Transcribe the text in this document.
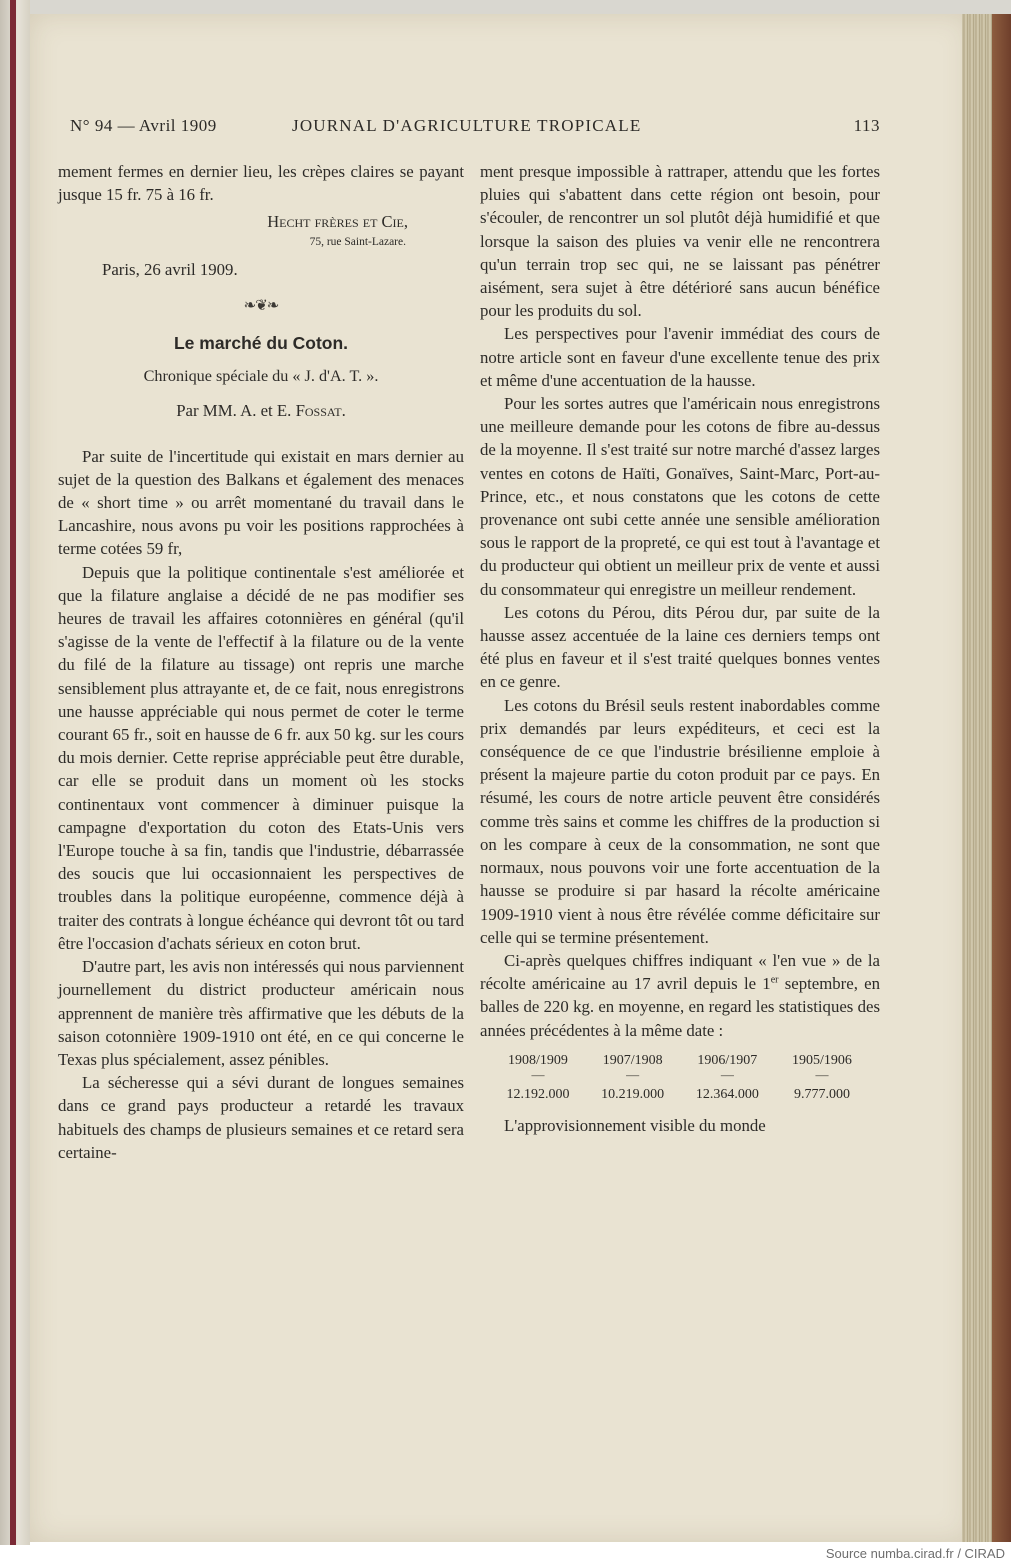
N° 94 — Avril 1909	JOURNAL D'AGRICULTURE TROPICALE	113

mement fermes en dernier lieu, les crèpes claires se payant jusque 15 fr. 75 à 16 fr.

Hecht frères et Cie,
75, rue Saint-Lazare.
Paris, 26 avril 1909.
❧❦❧
Le marché du Coton.
Chronique spéciale du « J. d'A. T. ».
Par MM. A. et E. Fossat.

Par suite de l'incertitude qui existait en mars dernier au sujet de la question des Balkans et également des menaces de « short time » ou arrêt momentané du travail dans le Lancashire, nous avons pu voir les positions rapprochées à terme cotées 59 fr,

Depuis que la politique continentale s'est améliorée et que la filature anglaise a décidé de ne pas modifier ses heures de travail les affaires cotonnières en général (qu'il s'agisse de la vente de l'effectif à la filature ou de la vente du filé de la filature au tissage) ont repris une marche sensiblement plus attrayante et, de ce fait, nous enregistrons une hausse appréciable qui nous permet de coter le terme courant 65 fr., soit en hausse de 6 fr. aux 50 kg. sur les cours du mois dernier. Cette reprise appréciable peut être durable, car elle se produit dans un moment où les stocks continentaux vont commencer à diminuer puisque la campagne d'exportation du coton des Etats-Unis vers l'Europe touche à sa fin, tandis que l'industrie, débarrassée des soucis que lui occasionnaient les perspectives de troubles dans la politique européenne, commence déjà à traiter des contrats à longue échéance qui devront tôt ou tard être l'occasion d'achats sérieux en coton brut.

D'autre part, les avis non intéressés qui nous parviennent journellement du district producteur américain nous apprennent de manière très affirmative que les débuts de la saison cotonnière 1909-1910 ont été, en ce qui concerne le Texas plus spécialement, assez pénibles.

La sécheresse qui a sévi durant de longues semaines dans ce grand pays producteur a retardé les travaux habituels des champs de plusieurs semaines et ce retard sera certaine-

ment presque impossible à rattraper, attendu que les fortes pluies qui s'abattent dans cette région ont besoin, pour s'écouler, de rencontrer un sol plutôt déjà humidifié et que lorsque la saison des pluies va venir elle ne rencontrera qu'un terrain trop sec qui, ne se laissant pas pénétrer aisément, sera sujet à être détérioré sans aucun bénéfice pour les produits du sol.

Les perspectives pour l'avenir immédiat des cours de notre article sont en faveur d'une excellente tenue des prix et même d'une accentuation de la hausse.

Pour les sortes autres que l'américain nous enregistrons une meilleure demande pour les cotons de fibre au-dessus de la moyenne. Il s'est traité sur notre marché d'assez larges ventes en cotons de Haïti, Gonaïves, Saint-Marc, Port-au-Prince, etc., et nous constatons que les cotons de cette provenance ont subi cette année une sensible amélioration sous le rapport de la propreté, ce qui est tout à l'avantage et du producteur qui obtient un meilleur prix de vente et aussi du consommateur qui enregistre un meilleur rendement.

Les cotons du Pérou, dits Pérou dur, par suite de la hausse assez accentuée de la laine ces derniers temps ont été plus en faveur et il s'est traité quelques bonnes ventes en ce genre.

Les cotons du Brésil seuls restent inabordables comme prix demandés par leurs expéditeurs, et ceci est la conséquence de ce que l'industrie brésilienne emploie à présent la majeure partie du coton produit par ce pays. En résumé, les cours de notre article peuvent être considérés comme très sains et comme les chiffres de la production si on les compare à ceux de la consommation, ne sont que normaux, nous pouvons voir une forte accentuation de la hausse se produire si par hasard la récolte américaine 1909-1910 vient à nous être révélée comme déficitaire sur celle qui se termine présentement.

Ci-après quelques chiffres indiquant « l'en vue » de la récolte américaine au 17 avril depuis le 1er septembre, en balles de 220 kg. en moyenne, en regard les statistiques des années précédentes à la même date :

1908/1909	1907/1908	1906/1907	1905/1906
—	—	—	—
12.192.000	10.219.000	12.364.000	9.777.000

L'approvisionnement visible du monde

Source numba.cirad.fr / CIRAD
